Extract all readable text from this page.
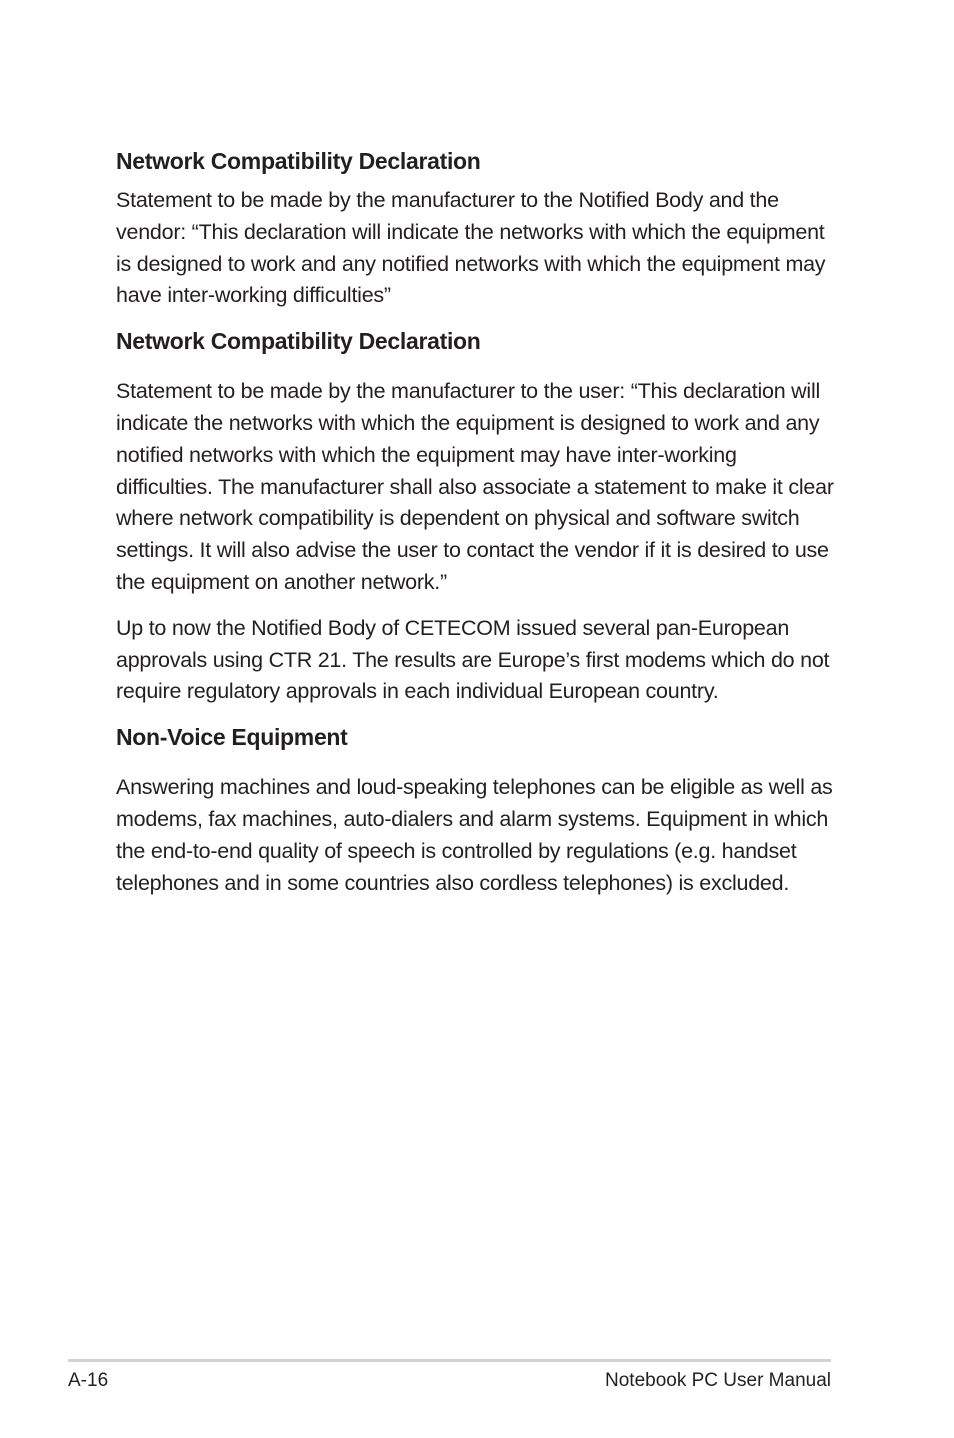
Network Compatibility Declaration

Statement to be made by the manufacturer to the Notified Body and the vendor: “This declaration will indicate the networks with which the equipment is designed to work and any notified networks with which the equipment may have inter-working difficulties”

Network Compatibility Declaration

Statement to be made by the manufacturer to the user: “This declaration will indicate the networks with which the equipment is designed to work and any notified networks with which the equipment may have inter-working difficulties. The manufacturer shall also associate a statement to make it clear where network compatibility is dependent on physical and software switch settings. It will also advise the user to contact the vendor if it is desired to use the equipment on another network.”

Up to now the Notified Body of CETECOM issued several pan-European approvals using CTR 21. The results are Europe’s first modems which do not require regulatory approvals in each individual European country.

Non-Voice Equipment

Answering machines and loud-speaking telephones can be eligible as well as modems, fax machines, auto-dialers and alarm systems. Equipment in which the end-to-end quality of speech is controlled by regulations (e.g. handset telephones and in some countries also cordless telephones) is excluded.

A-16	Notebook PC User Manual
